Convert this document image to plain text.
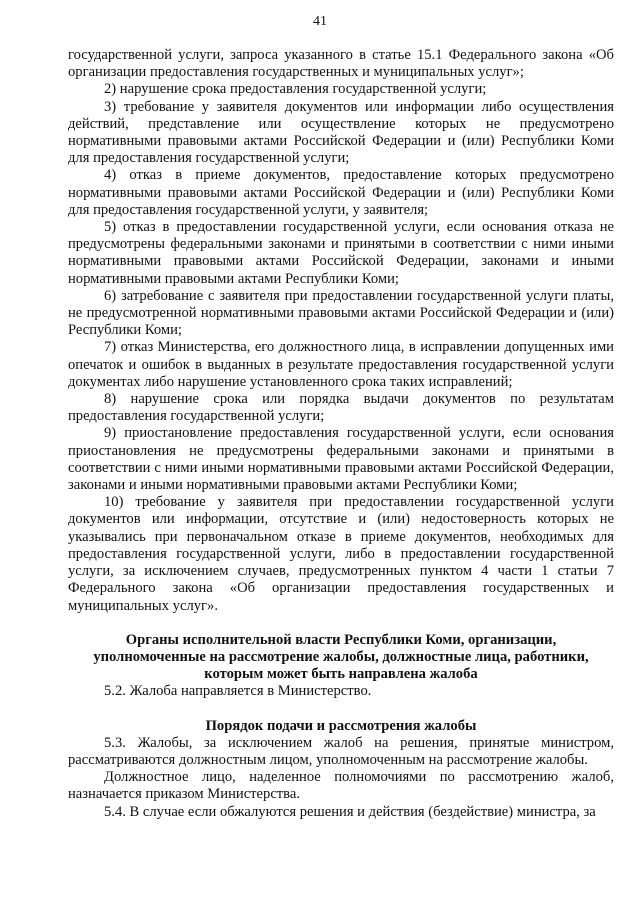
41

государственной услуги, запроса указанного в статье 15.1 Федерального закона «Об организации предоставления государственных и муниципальных услуг»;

2) нарушение срока предоставления государственной услуги;

3) требование у заявителя документов или информации либо осуществления действий, представление или осуществление которых не предусмотрено нормативными правовыми актами Российской Федерации и (или) Республики Коми для предоставления государственной услуги;

4) отказ в приеме документов, предоставление которых предусмотрено нормативными правовыми актами Российской Федерации и (или) Республики Коми для предоставления государственной услуги, у заявителя;

5) отказ в предоставлении государственной услуги, если основания отказа не предусмотрены федеральными законами и принятыми в соответствии с ними иными нормативными правовыми актами Российской Федерации, законами и иными нормативными правовыми актами Республики Коми;

6) затребование с заявителя при предоставлении государственной услуги платы, не предусмотренной нормативными правовыми актами Российской Федерации и (или) Республики Коми;

7) отказ Министерства, его должностного лица, в исправлении допущенных ими опечаток и ошибок в выданных в результате предоставления государственной услуги документах либо нарушение установленного срока таких исправлений;

8) нарушение срока или порядка выдачи документов по результатам предоставления государственной услуги;

9) приостановление предоставления государственной услуги, если основания приостановления не предусмотрены федеральными законами и принятыми в соответствии с ними иными нормативными правовыми актами Российской Федерации, законами и иными нормативными правовыми актами Республики Коми;

10) требование у заявителя при предоставлении государственной услуги документов или информации, отсутствие и (или) недостоверность которых не указывались при первоначальном отказе в приеме документов, необходимых для предоставления государственной услуги, либо в предоставлении государственной услуги, за исключением случаев, предусмотренных пунктом 4 части 1 статьи 7 Федерального закона «Об организации предоставления государственных и муниципальных услуг».

Органы исполнительной власти Республики Коми, организации, уполномоченные на рассмотрение жалобы, должностные лица, работники, которым может быть направлена жалоба

5.2. Жалоба направляется в Министерство.

Порядок подачи и рассмотрения жалобы

5.3. Жалобы, за исключением жалоб на решения, принятые министром, рассматриваются должностным лицом, уполномоченным на рассмотрение жалобы.

Должностное лицо, наделенное полномочиями по рассмотрению жалоб, назначается приказом Министерства.

5.4. В случае если обжалуются решения и действия (бездействие) министра, за
